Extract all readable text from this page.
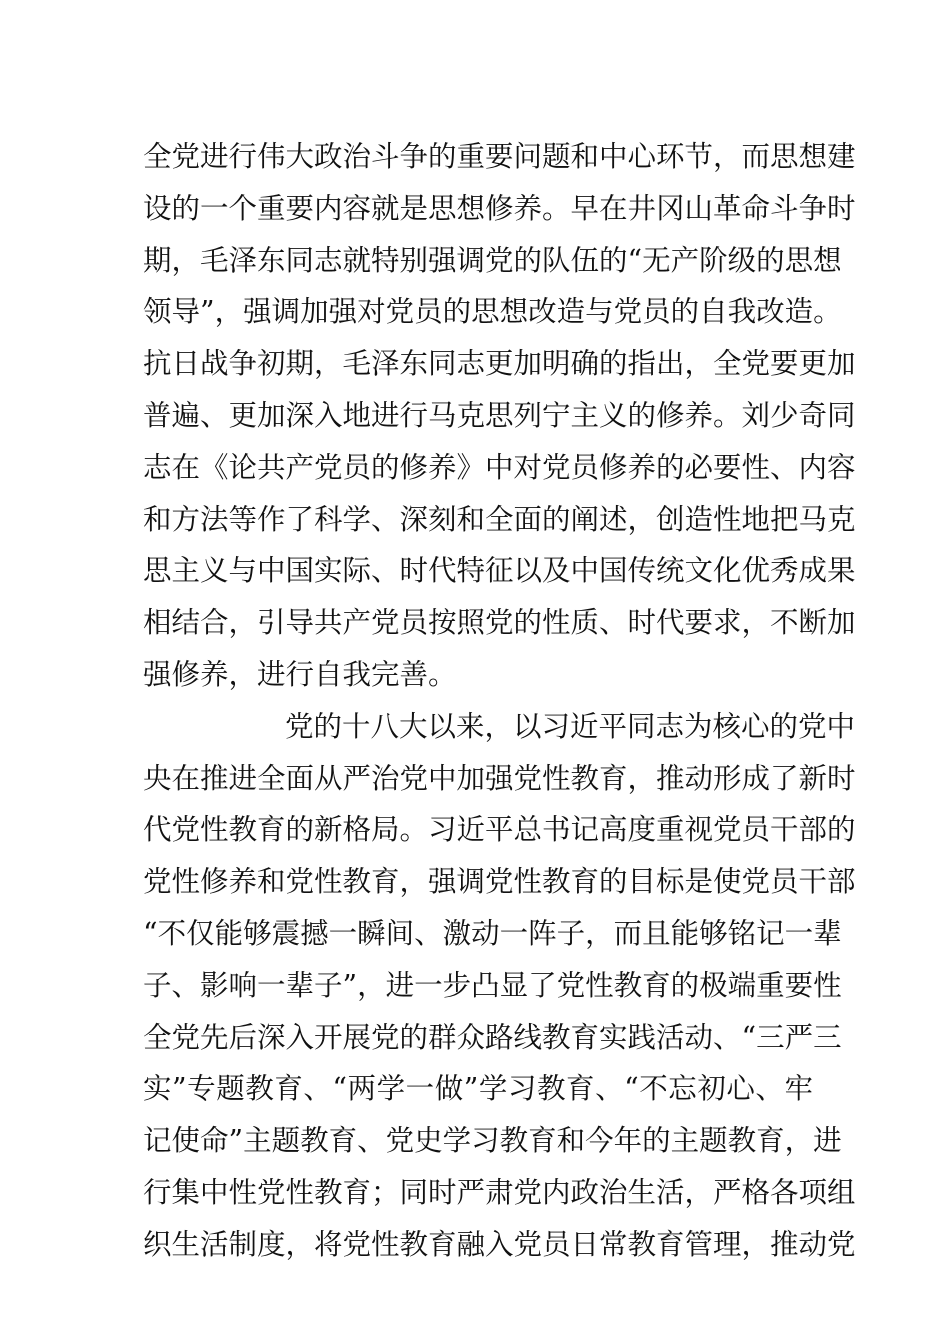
全党进行伟大政治斗争的重要问题和中心环节，而思想建
设的一个重要内容就是思想修养。早在井冈山革命斗争时
期，毛泽东同志就特别强调党的队伍的“无产阶级的思想
领导”，强调加强对党员的思想改造与党员的自我改造。
抗日战争初期，毛泽东同志更加明确的指出，全党要更加
普遍、更加深入地进行马克思列宁主义的修养。刘少奇同
志在《论共产党员的修养》中对党员修养的必要性、内容
和方法等作了科学、深刻和全面的阐述，创造性地把马克
思主义与中国实际、时代特征以及中国传统文化优秀成果
相结合，引导共产党员按照党的性质、时代要求，不断加
强修养，进行自我完善。
党的十八大以来，以习近平同志为核心的党中
央在推进全面从严治党中加强党性教育，推动形成了新时
代党性教育的新格局。习近平总书记高度重视党员干部的
党性修养和党性教育，强调党性教育的目标是使党员干部
“不仅能够震撼一瞬间、激动一阵子，而且能够铭记一辈
子、影响一辈子”，进一步凸显了党性教育的极端重要性
全党先后深入开展党的群众路线教育实践活动、“三严三
实”专题教育、“两学一做”学习教育、“不忘初心、牢
记使命”主题教育、党史学习教育和今年的主题教育，进
行集中性党性教育；同时严肃党内政治生活，严格各项组
织生活制度，将党性教育融入党员日常教育管理，推动党
